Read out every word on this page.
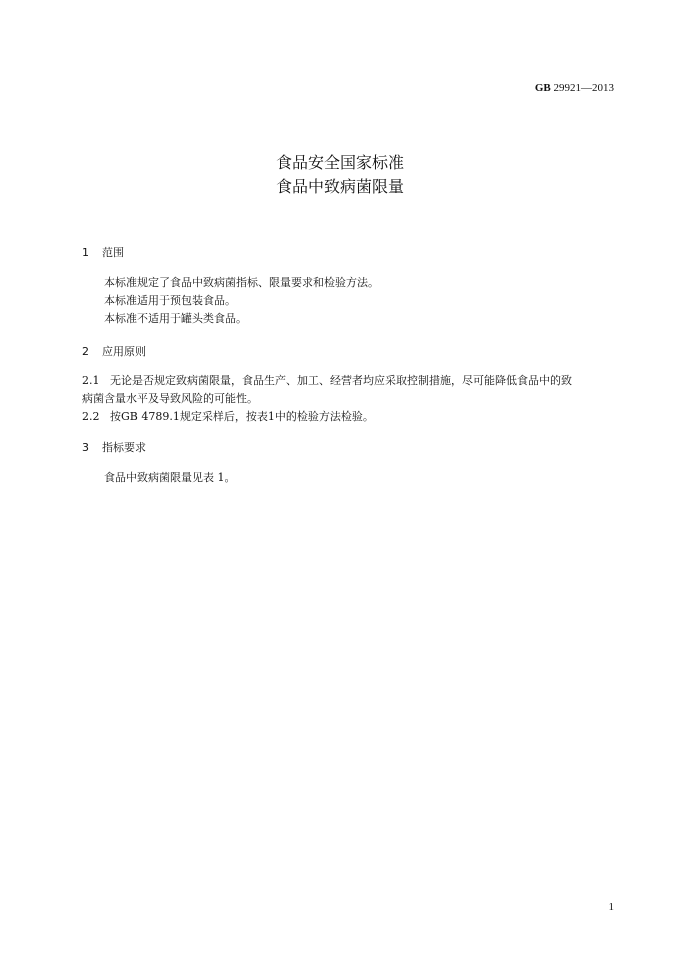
GB 29921—2013
食品安全国家标准
食品中致病菌限量
1 范围
本标准规定了食品中致病菌指标、限量要求和检验方法。
本标准适用于预包装食品。
本标准不适用于罐头类食品。
2 应用原则
2.1 无论是否规定致病菌限量，食品生产、加工、经营者均应采取控制措施，尽可能降低食品中的致
病菌含量水平及导致风险的可能性。
2.2 按GB 4789.1规定采样后，按表1中的检验方法检验。
3 指标要求
食品中致病菌限量见表 1。
1
